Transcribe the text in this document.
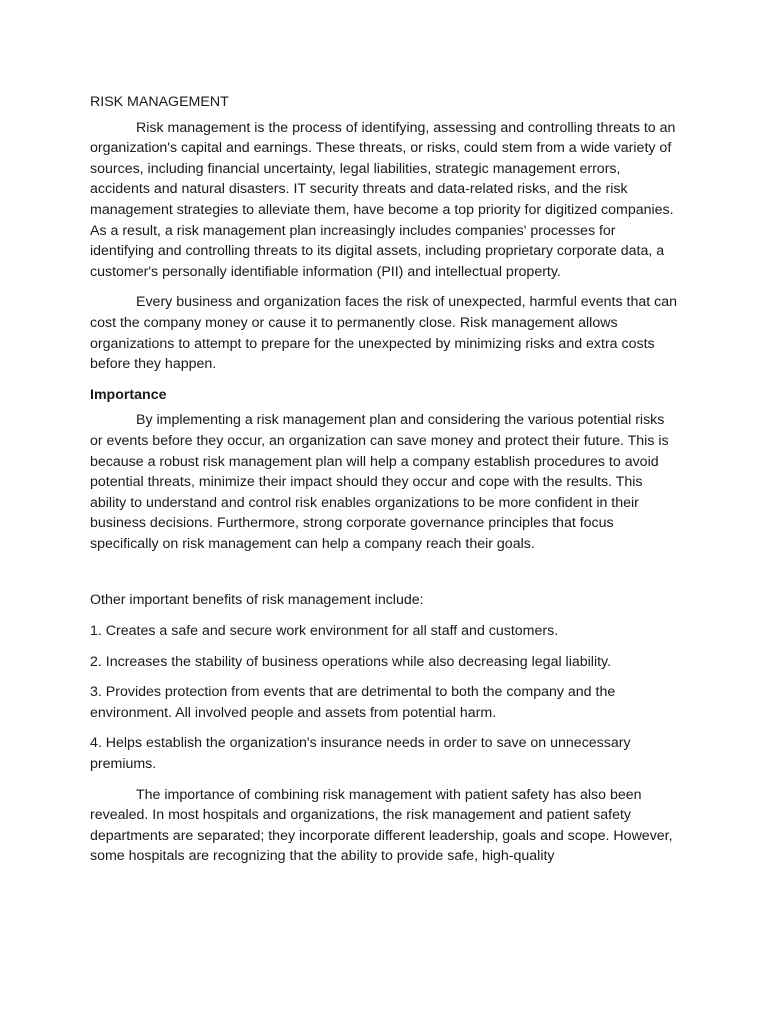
RISK MANAGEMENT

Risk management is the process of identifying, assessing and controlling threats to an organization's capital and earnings. These threats, or risks, could stem from a wide variety of sources, including financial uncertainty, legal liabilities, strategic management errors, accidents and natural disasters. IT security threats and data-related risks, and the risk management strategies to alleviate them, have become a top priority for digitized companies. As a result, a risk management plan increasingly includes companies' processes for identifying and controlling threats to its digital assets, including proprietary corporate data, a customer's personally identifiable information (PII) and intellectual property.

Every business and organization faces the risk of unexpected, harmful events that can cost the company money or cause it to permanently close. Risk management allows organizations to attempt to prepare for the unexpected by minimizing risks and extra costs before they happen.

Importance

By implementing a risk management plan and considering the various potential risks or events before they occur, an organization can save money and protect their future. This is because a robust risk management plan will help a company establish procedures to avoid potential threats, minimize their impact should they occur and cope with the results. This ability to understand and control risk enables organizations to be more confident in their business decisions. Furthermore, strong corporate governance principles that focus specifically on risk management can help a company reach their goals.

Other important benefits of risk management include:

1. Creates a safe and secure work environment for all staff and customers.

2. Increases the stability of business operations while also decreasing legal liability.

3. Provides protection from events that are detrimental to both the company and the environment. All involved people and assets from potential harm.

4. Helps establish the organization's insurance needs in order to save on unnecessary premiums.

The importance of combining risk management with patient safety has also been revealed. In most hospitals and organizations, the risk management and patient safety departments are separated; they incorporate different leadership, goals and scope. However, some hospitals are recognizing that the ability to provide safe, high-quality
